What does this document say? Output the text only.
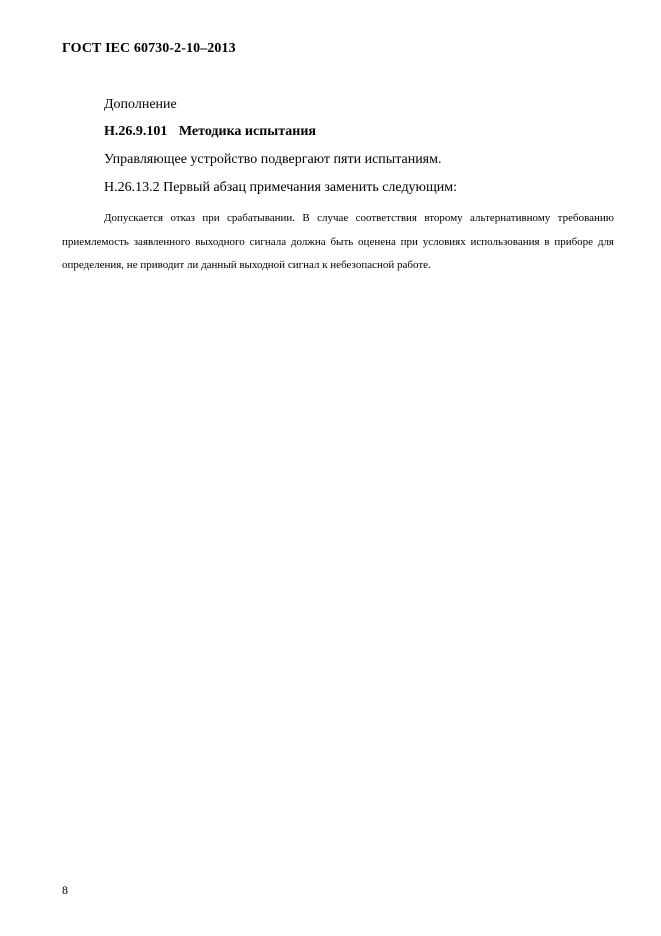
ГОСТ IEC 60730-2-10–2013
Дополнение
Н.26.9.101 Методика испытания
Управляющее устройство подвергают пяти испытаниям.
Н.26.13.2 Первый абзац примечания заменить следующим:

Допускается отказ при срабатывании. В случае соответствия второму альтернативному требованию приемлемость заявленного выходного сигнала должна быть оценена при условиях использования в приборе для определения, не приводит ли данный выходной сигнал к небезопасной работе.

8
